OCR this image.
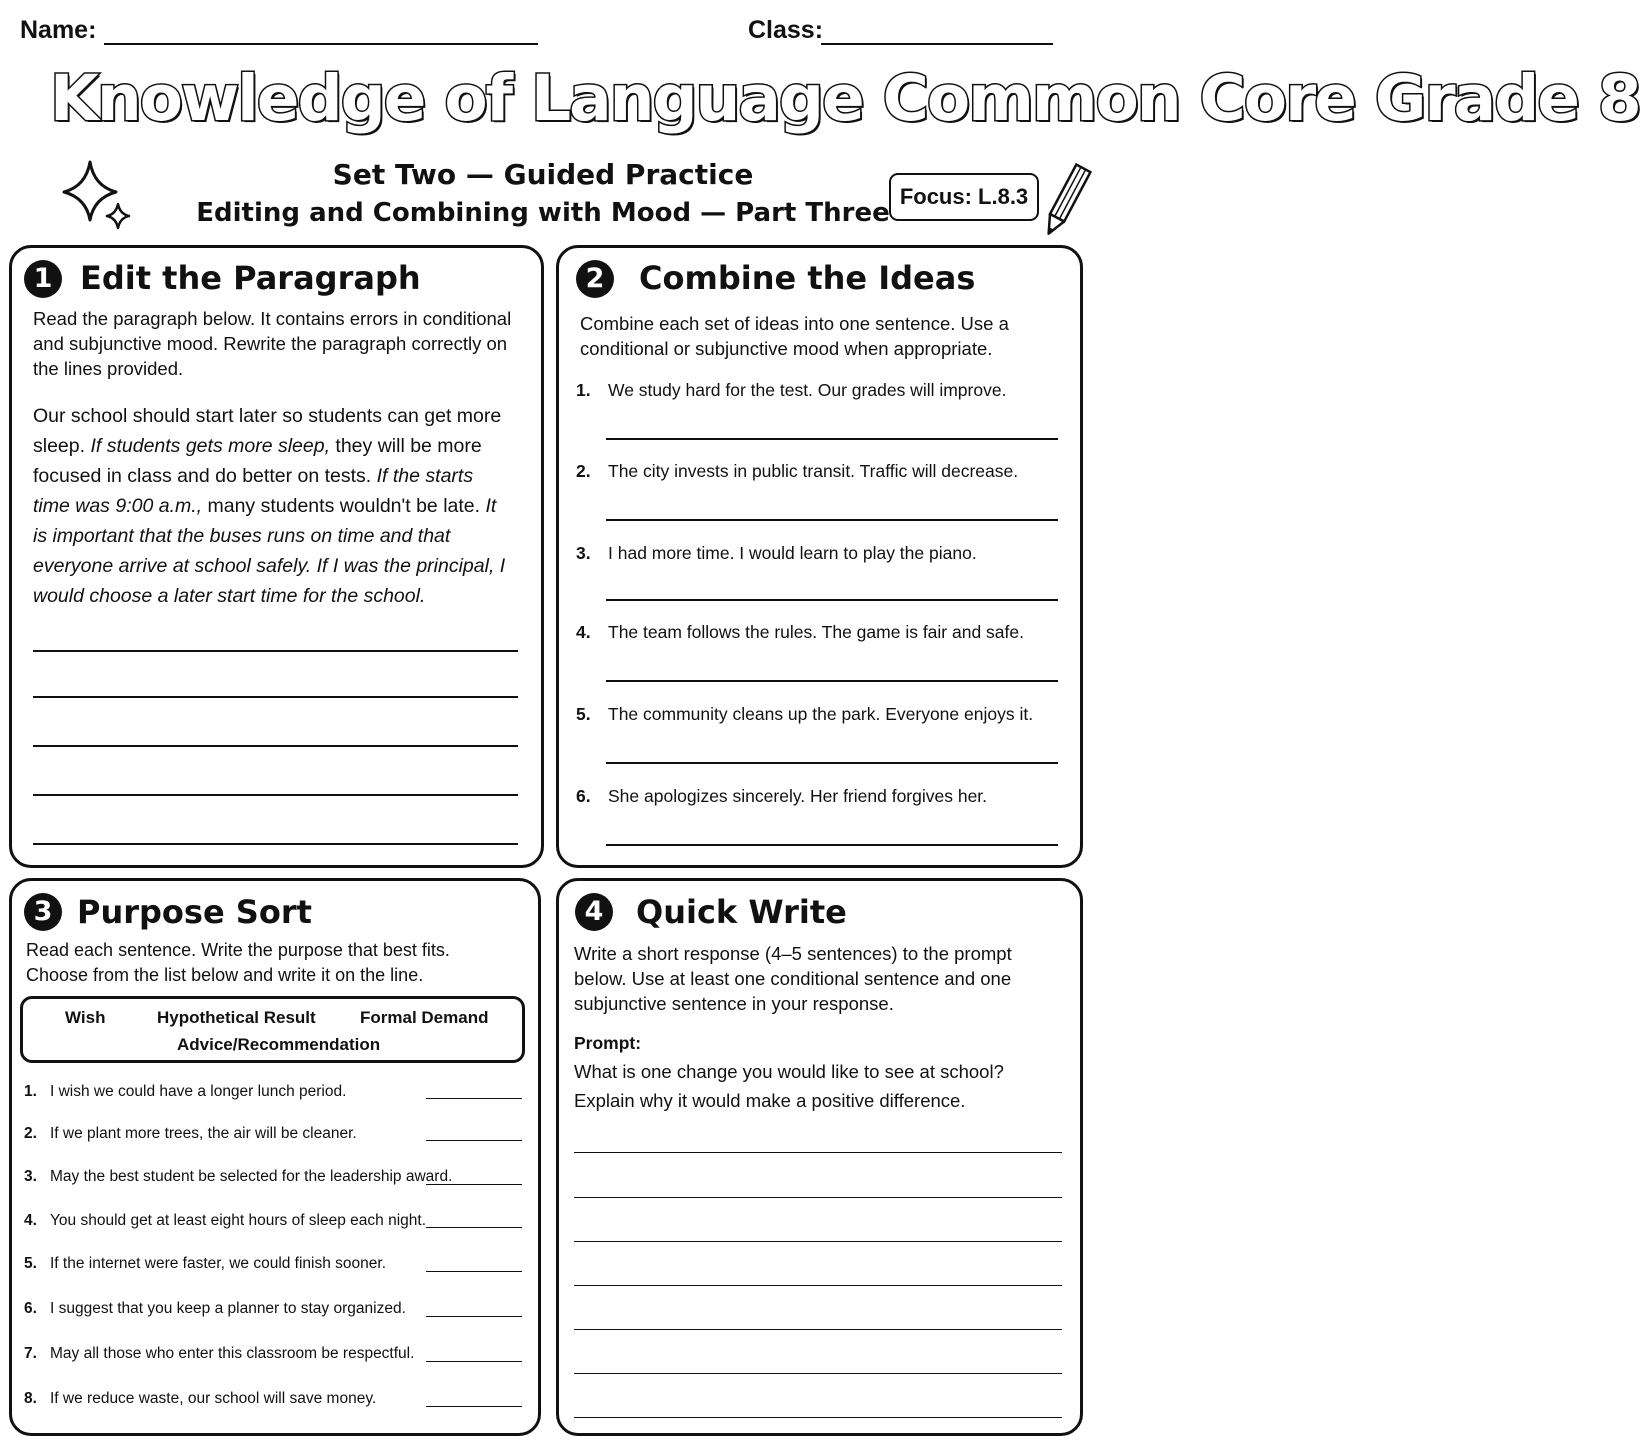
Name:	Class:
Knowledge of Language Common Core Grade 8
Set Two — Guided Practice
Editing and Combining with Mood — Part Three
Focus: L.8.3
1 Edit the Paragraph
Read the paragraph below. It contains errors in conditional and subjunctive mood. Rewrite the paragraph correctly on the lines provided.
Our school should start later so students can get more sleep. If students gets more sleep, they will be more focused in class and do better on tests. If the starts time was 9:00 a.m., many students wouldn't be late. It is important that the buses runs on time and that everyone arrive at school safely. If I was the principal, I would choose a later start time for the school.
2	Combine the Ideas
Combine each set of ideas into one sentence. Use a conditional or subjunctive mood when appropriate.
1. We study hard for the test. Our grades will improve.
2. The city invests in public transit. Traffic will decrease.
3. I had more time. I would learn to play the piano.
4. The team follows the rules. The game is fair and safe.
5. The community cleans up the park. Everyone enjoys it.
6. She apologizes sincerely. Her friend forgives her.
3 Purpose Sort
Read each sentence. Write the purpose that best fits. Choose from the list below and write it on the line.
Wish	Hypothetical Result	Formal Demand
Advice/Recommendation
1. I wish we could have a longer lunch period.
2. If we plant more trees, the air will be cleaner.
3. May the best student be selected for the leadership award.
4. You should get at least eight hours of sleep each night.
5. If the internet were faster, we could finish sooner.
6. I suggest that you keep a planner to stay organized.
7. May all those who enter this classroom be respectful.
8. If we reduce waste, our school will save money.
4	Quick Write
Write a short response (4–5 sentences) to the prompt below. Use at least one conditional sentence and one subjunctive sentence in your response.
Prompt:
What is one change you would like to see at school?
Explain why it would make a positive difference.
